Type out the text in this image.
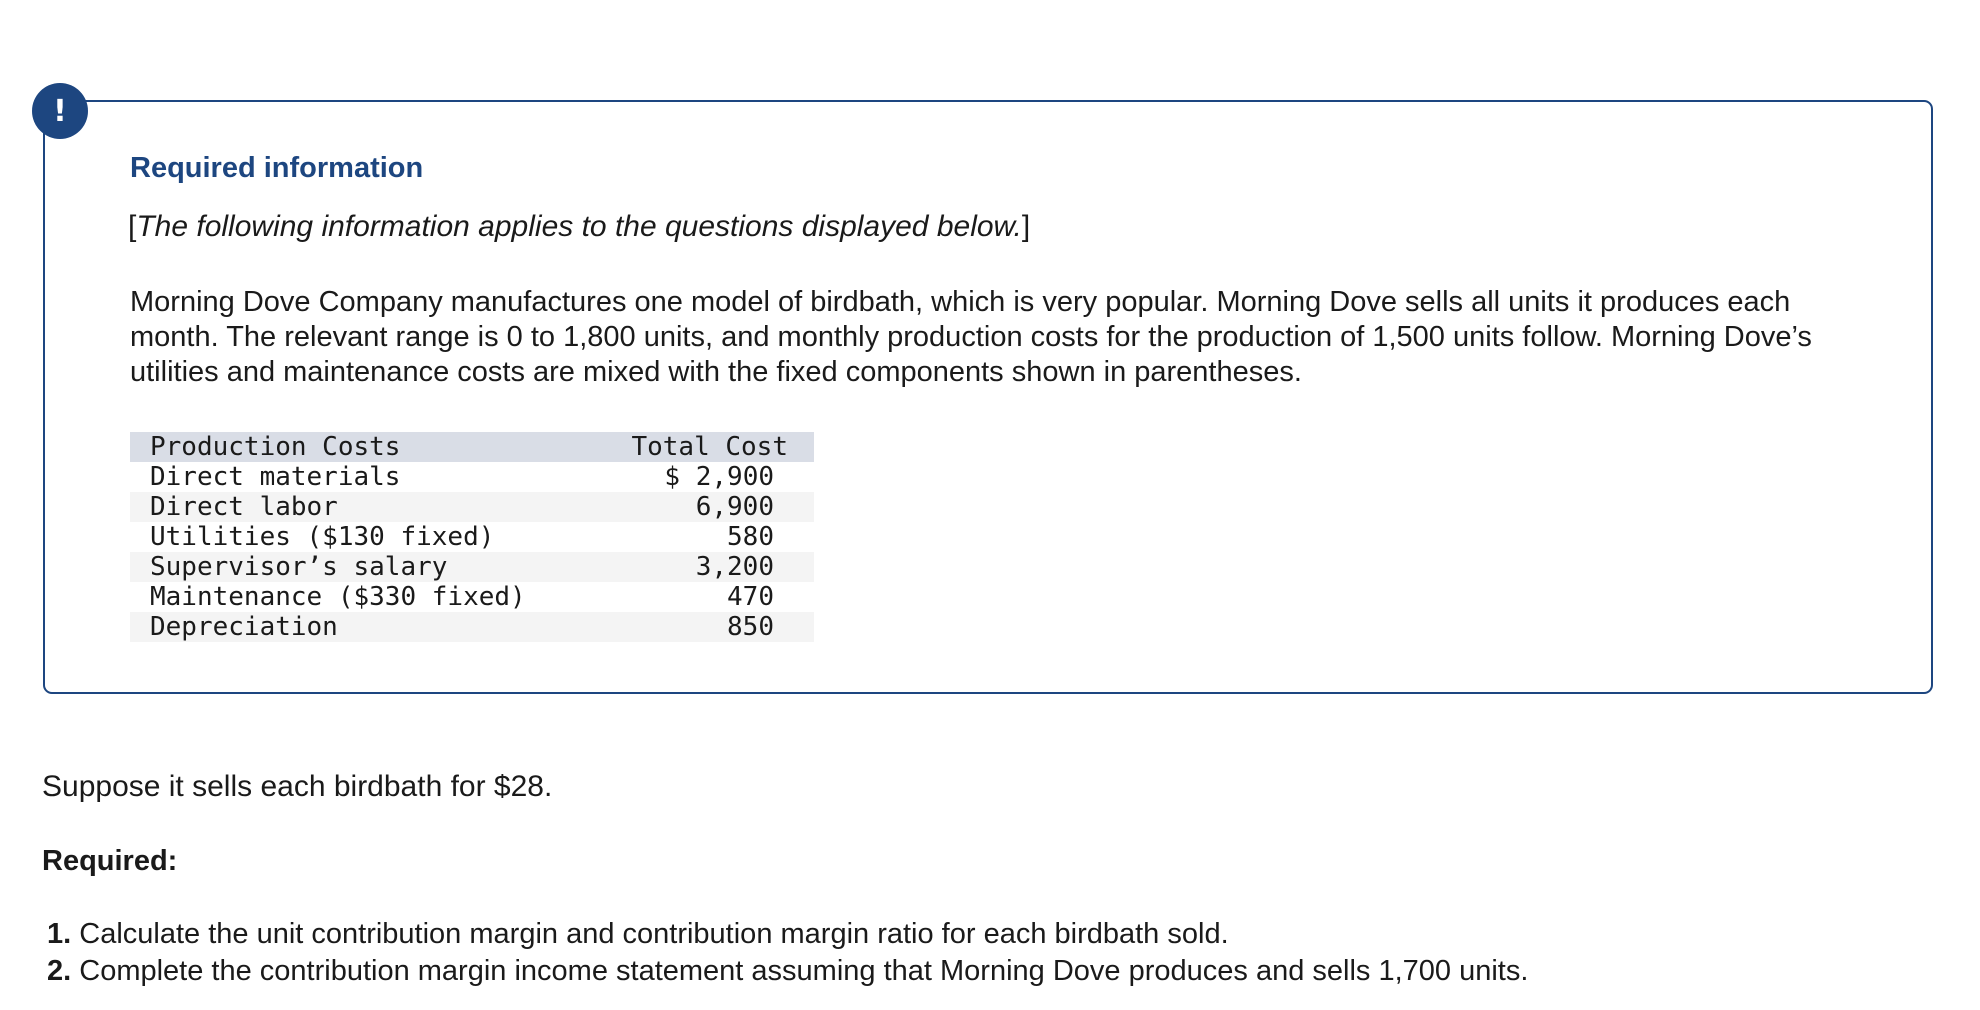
!
Required information

[The following information applies to the questions displayed below.]

Morning Dove Company manufactures one model of birdbath, which is very popular. Morning Dove sells all units it produces each month. The relevant range is 0 to 1,800 units, and monthly production costs for the production of 1,500 units follow. Morning Dove’s utilities and maintenance costs are mixed with the fixed components shown in parentheses.

Production Costs	Total Cost
Direct materials	$ 2,900
Direct labor	6,900
Utilities ($130 fixed)	580
Supervisor’s salary	3,200
Maintenance ($330 fixed)	470
Depreciation	850

Suppose it sells each birdbath for $28.

Required:

1. Calculate the unit contribution margin and contribution margin ratio for each birdbath sold.
2. Complete the contribution margin income statement assuming that Morning Dove produces and sells 1,700 units.
